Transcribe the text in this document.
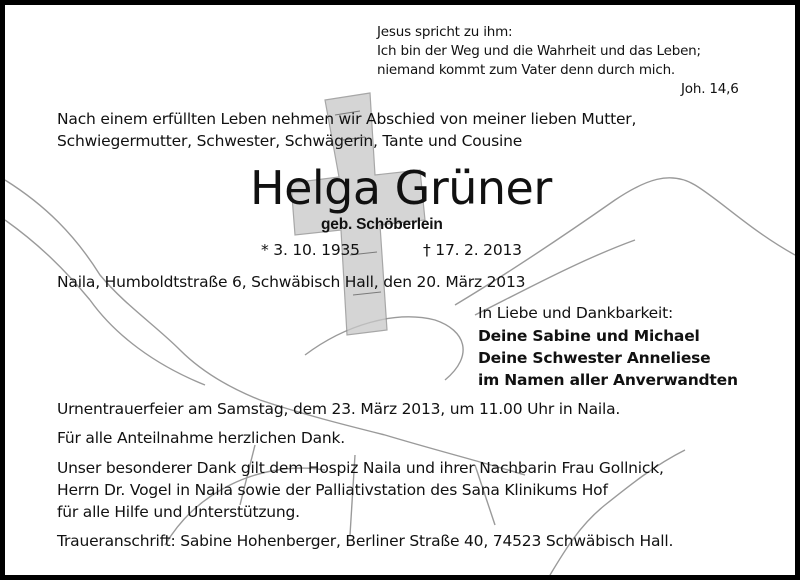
Jesus spricht zu ihm:

Ich bin der Weg und die Wahrheit und das Leben;

niemand kommt zum Vater denn durch mich.

Joh. 14,6

Nach einem erfüllten Leben nehmen wir Abschied von meiner lieben Mutter,

Schwiegermutter, Schwester, Schwägerin, Tante und Cousine

Helga Grüner

geb. Schöberlein

* 3. 10. 1935	† 17. 2. 2013

Naila, Humboldtstraße 6, Schwäbisch Hall, den 20. März 2013

In Liebe und Dankbarkeit:

Deine Sabine und Michael

Deine Schwester Anneliese

im Namen aller Anverwandten

Urnentrauerfeier am Samstag, dem 23. März 2013, um 11.00 Uhr in Naila.

Für alle Anteilnahme herzlichen Dank.

Unser besonderer Dank gilt dem Hospiz Naila und ihrer Nachbarin Frau Gollnick,

Herrn Dr. Vogel in Naila sowie der Palliativstation des Sana Klinikums Hof

für alle Hilfe und Unterstützung.

Traueranschrift: Sabine Hohenberger, Berliner Straße 40, 74523 Schwäbisch Hall.
